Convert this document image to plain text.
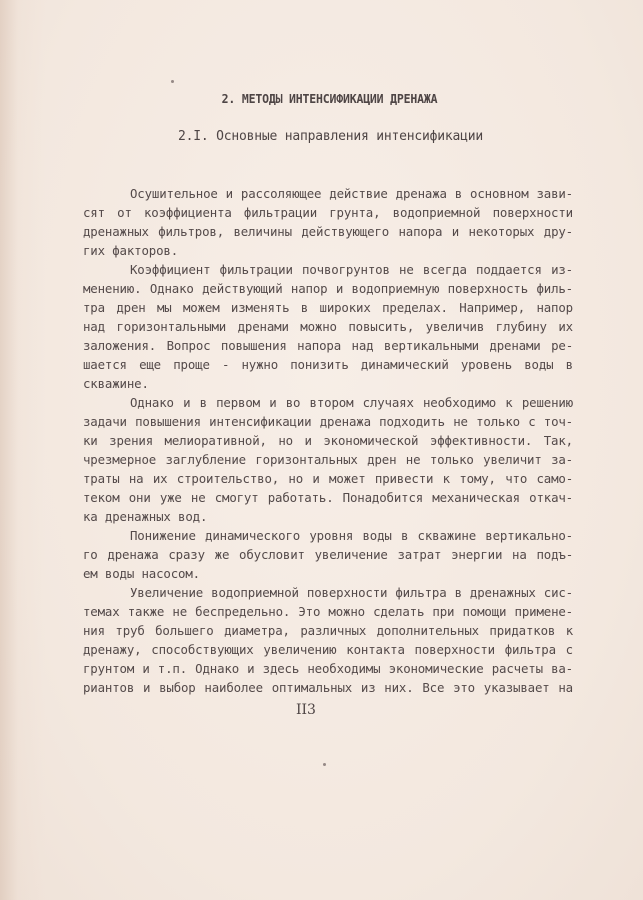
2. МЕТОДЫ ИНТЕНСИФИКАЦИИ ДРЕНАЖА
2.I. Основные направления интенсификации
Осушительное и рассоляющее действие дренажа в основном зави-
сят от коэффициента фильтрации грунта, водоприемной поверхности
дренажных фильтров, величины действующего напора и некоторых дру-
гих факторов.
Коэффициент фильтрации почвогрунтов не всегда поддается из-
менению. Однако действующий напор и водоприемную поверхность филь-
тра дрен мы можем изменять в широких пределах. Например, напор
над горизонтальными дренами можно повысить, увеличив глубину их
заложения. Вопрос повышения напора над вертикальными дренами ре-
шается еще проще - нужно понизить динамический уровень воды в
скважине.
Однако и в первом и во втором случаях необходимо к решению
задачи повышения интенсификации дренажа подходить не только с точ-
ки зрения мелиоративной, но и экономической эффективности. Так,
чрезмерное заглубление горизонтальных дрен не только увеличит за-
траты на их строительство, но и может привести к тому, что само-
теком они уже не смогут работать. Понадобится механическая откач-
ка дренажных вод.
Понижение динамического уровня воды в скважине вертикально-
го дренажа сразу же обусловит увеличение затрат энергии на подъ-
ем воды насосом.
Увеличение водоприемной поверхности фильтра в дренажных сис-
темах также не беспредельно. Это можно сделать при помощи примене-
ния труб большего диаметра, различных дополнительных придатков к
дренажу, способствующих увеличению контакта поверхности фильтра с
грунтом и т.п. Однако и здесь необходимы экономические расчеты ва-
риантов и выбор наиболее оптимальных из них. Все это указывает на
II3
